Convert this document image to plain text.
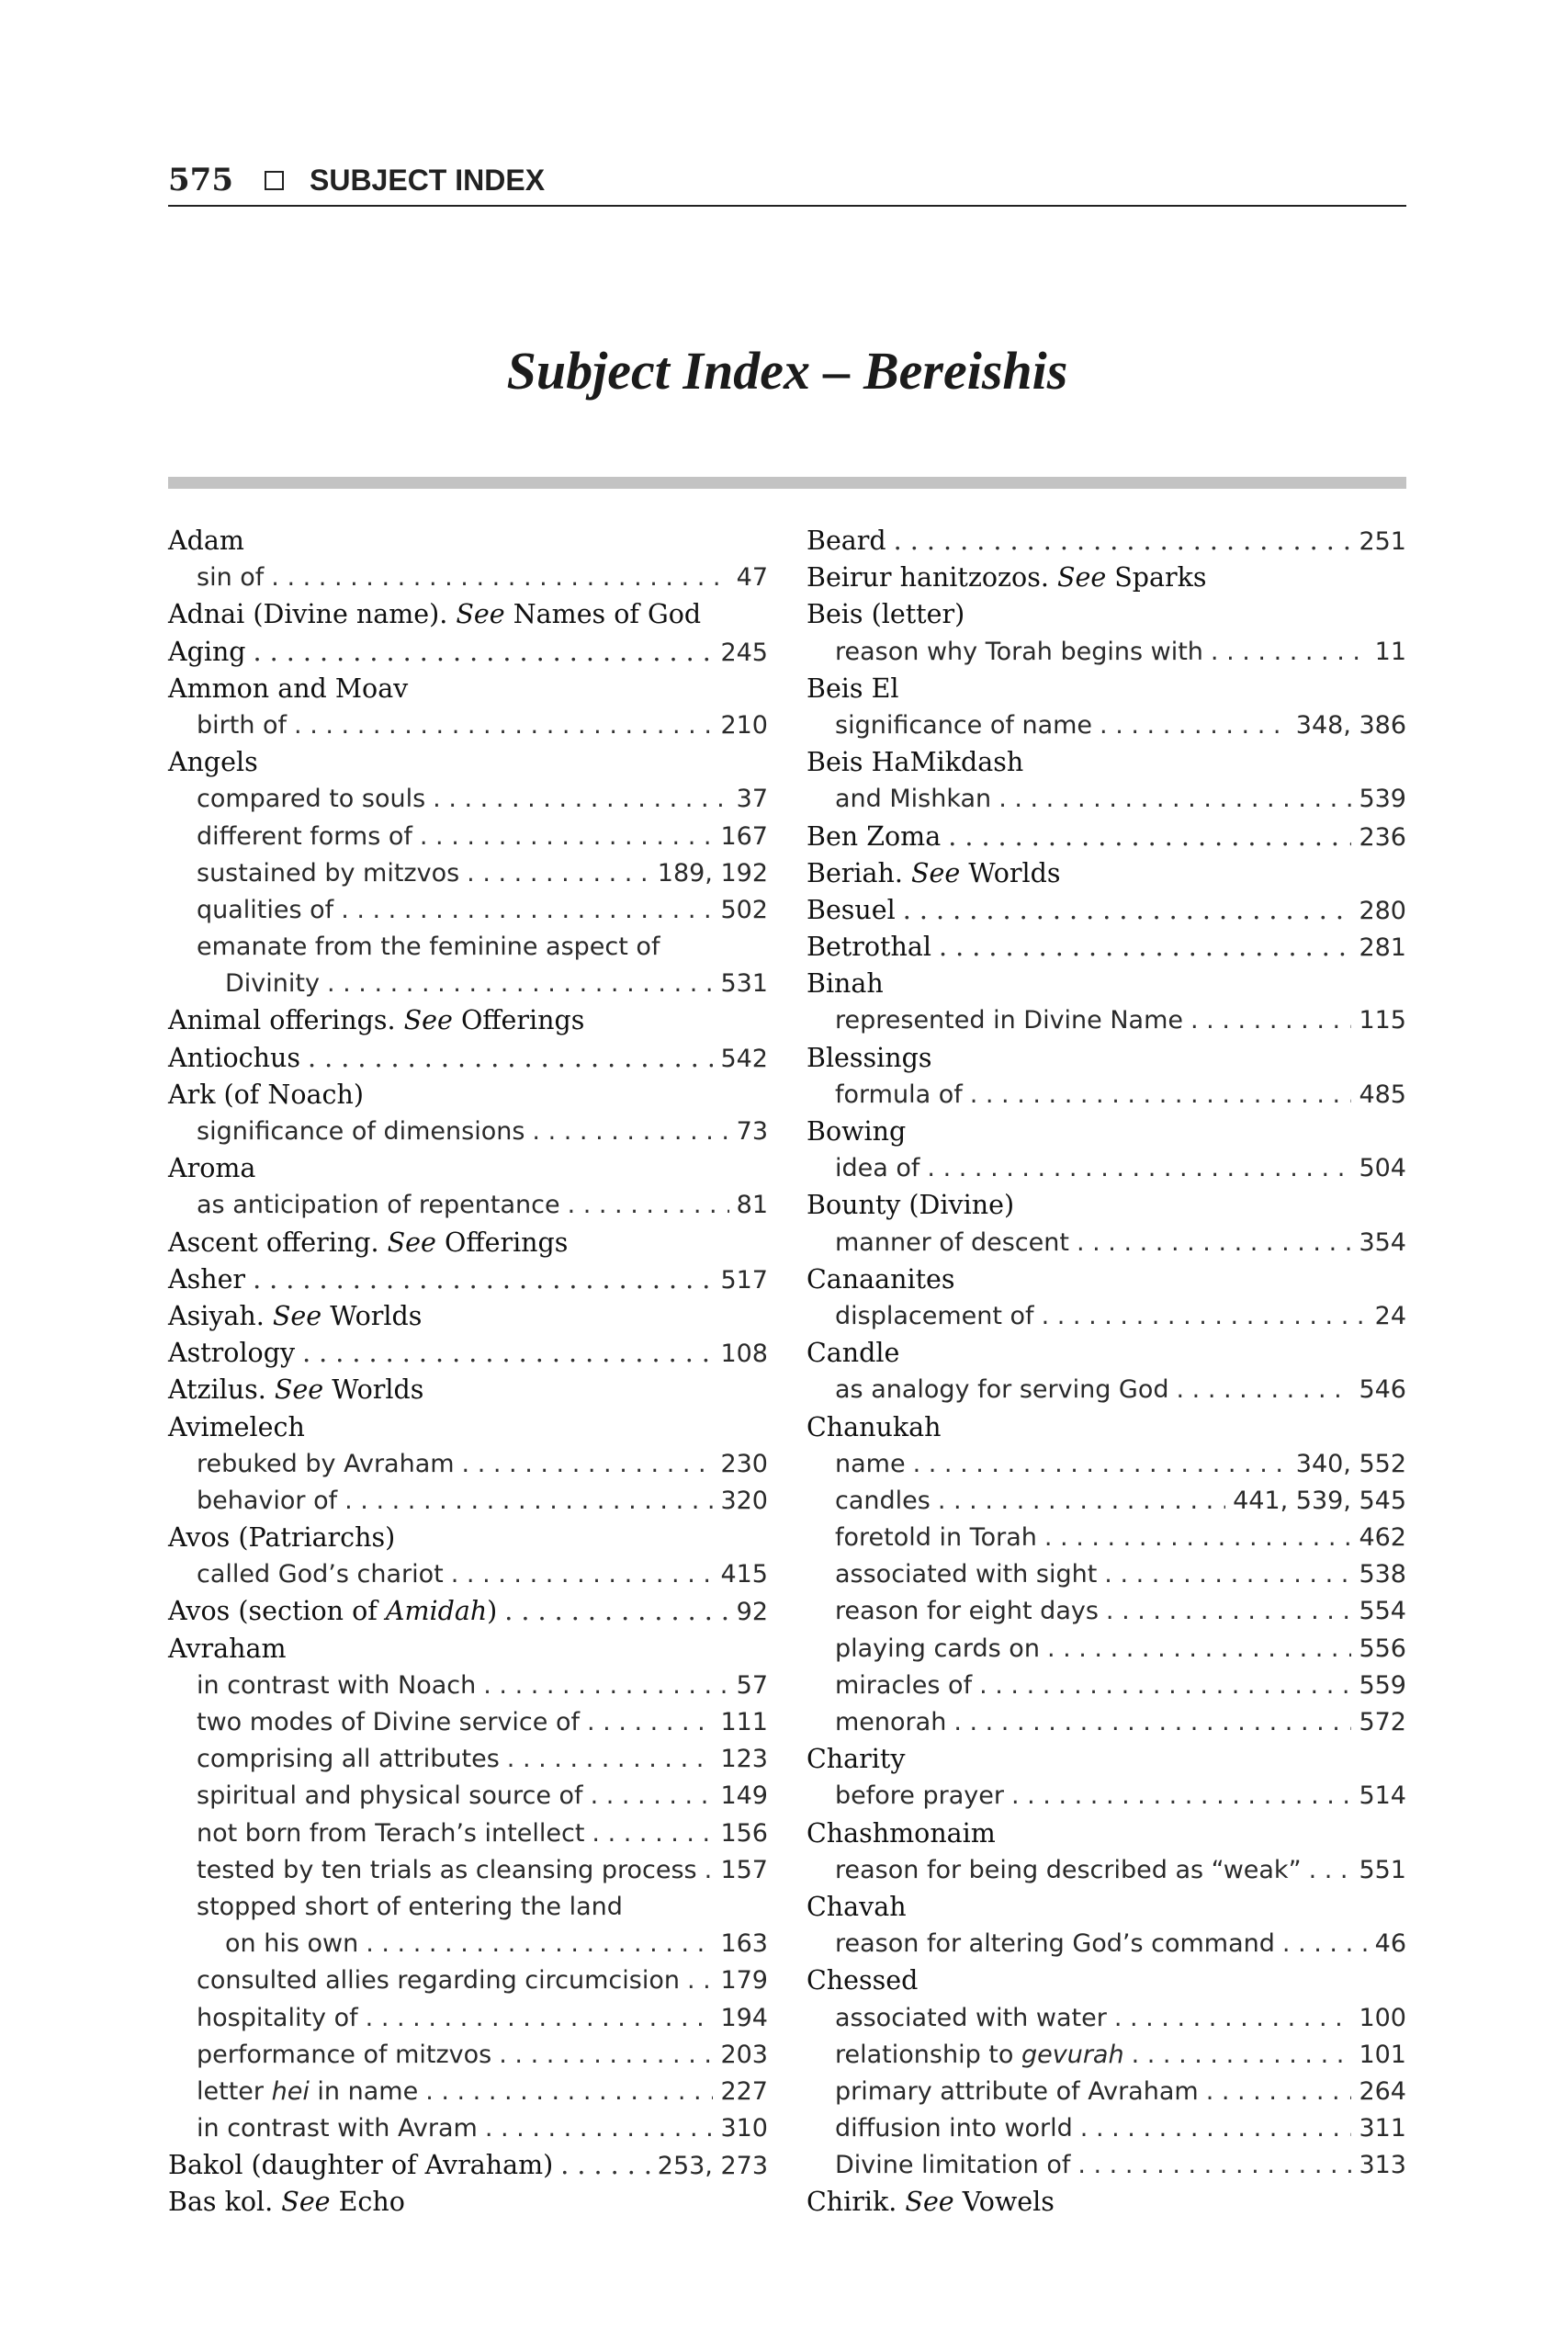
575	SUBJECT INDEX
Subject Index – Bereishis
Adam
sin of . . .	47
Adnai (Divine name). See Names of God
Aging . . .	245
Ammon and Moav
birth of . . .	210
Angels
compared to souls . . .	37
different forms of . . .	167
sustained by mitzvos . . .	189, 192
qualities of . . .	502
emanate from the feminine aspect of
Divinity . . .	531
Animal offerings. See Offerings
Antiochus . . .	542
Ark (of Noach)
significance of dimensions . . .	73
Aroma
as anticipation of repentance . . .	81
Ascent offering. See Offerings
Asher . . .	517
Asiyah. See Worlds
Astrology . . .	108
Atzilus. See Worlds
Avimelech
rebuked by Avraham . . .	230
behavior of . . .	320
Avos (Patriarchs)
called God’s chariot . . .	415
Avos (section of Amidah) . . .	92
Avraham
in contrast with Noach . . .	57
two modes of Divine service of . . .	111
comprising all attributes . . .	123
spiritual and physical source of . . .	149
not born from Terach’s intellect . . .	156
tested by ten trials as cleansing process . . . 157
stopped short of entering the land
on his own . . .	163
consulted allies regarding circumcision . . . 179
hospitality of . . .	194
performance of mitzvos . . .	203
letter hei in name . . .	227
in contrast with Avram . . .	310
Bakol (daughter of Avraham) . . .	253, 273
Bas kol. See Echo
Beard . . .	251
Beirur hanitzozos. See Sparks
Beis (letter)
reason why Torah begins with . . .	11
Beis El
significance of name . . .	348, 386
Beis HaMikdash
and Mishkan . . .	539
Ben Zoma . . .	236
Beriah. See Worlds
Besuel . . .	280
Betrothal . . .	281
Binah
represented in Divine Name . . .	115
Blessings
formula of . . .	485
Bowing
idea of . . .	504
Bounty (Divine)
manner of descent . . .	354
Canaanites
displacement of . . .	24
Candle
as analogy for serving God . . .	546
Chanukah
name . . .	340, 552
candles . . .	441, 539, 545
foretold in Torah . . .	462
associated with sight . . .	538
reason for eight days . . .	554
playing cards on . . .	556
miracles of . . .	559
menorah . . .	572
Charity
before prayer . . .	514
Chashmonaim
reason for being described as “weak” . . . 551
Chavah
reason for altering God’s command . . .	46
Chessed
associated with water . . .	100
relationship to gevurah . . .	101
primary attribute of Avraham . . .	264
diffusion into world . . .	311
Divine limitation of . . .	313
Chirik. See Vowels
